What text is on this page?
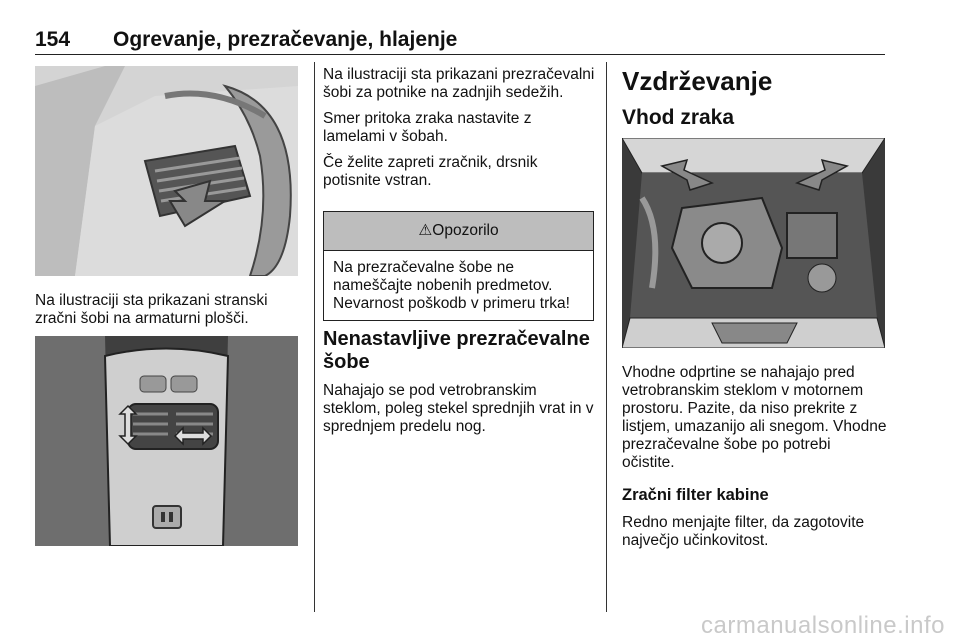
154 Ogrevanje, prezračevanje, hlajenje
Na ilustraciji sta prikazani stranski zračni šobi na armaturni plošči.

Na ilustraciji sta prikazani prezračevalni šobi za potnike na zadnjih sedežih.

Smer pritoka zraka nastavite z lamelami v šobah.

Če želite zapreti zračnik, drsnik potisnite vstran.

⚠Opozorilo
Na prezračevalne šobe ne nameščajte nobenih predmetov. Nevarnost poškodb v primeru trka!
Nenastavljive prezračevalne šobe
Nahajajo se pod vetrobranskim steklom, poleg stekel sprednjih vrat in v sprednjem predelu nog.
Vzdrževanje
Vhod zraka
Vhodne odprtine se nahajajo pred vetrobranskim steklom v motornem prostoru. Pazite, da niso prekrite z listjem, umazanijo ali snegom. Vhodne prezračevalne šobe po potrebi očistite.
Zračni filter kabine
Redno menjajte filter, da zagotovite največjo učinkovitost.
carmanualsonline.info
